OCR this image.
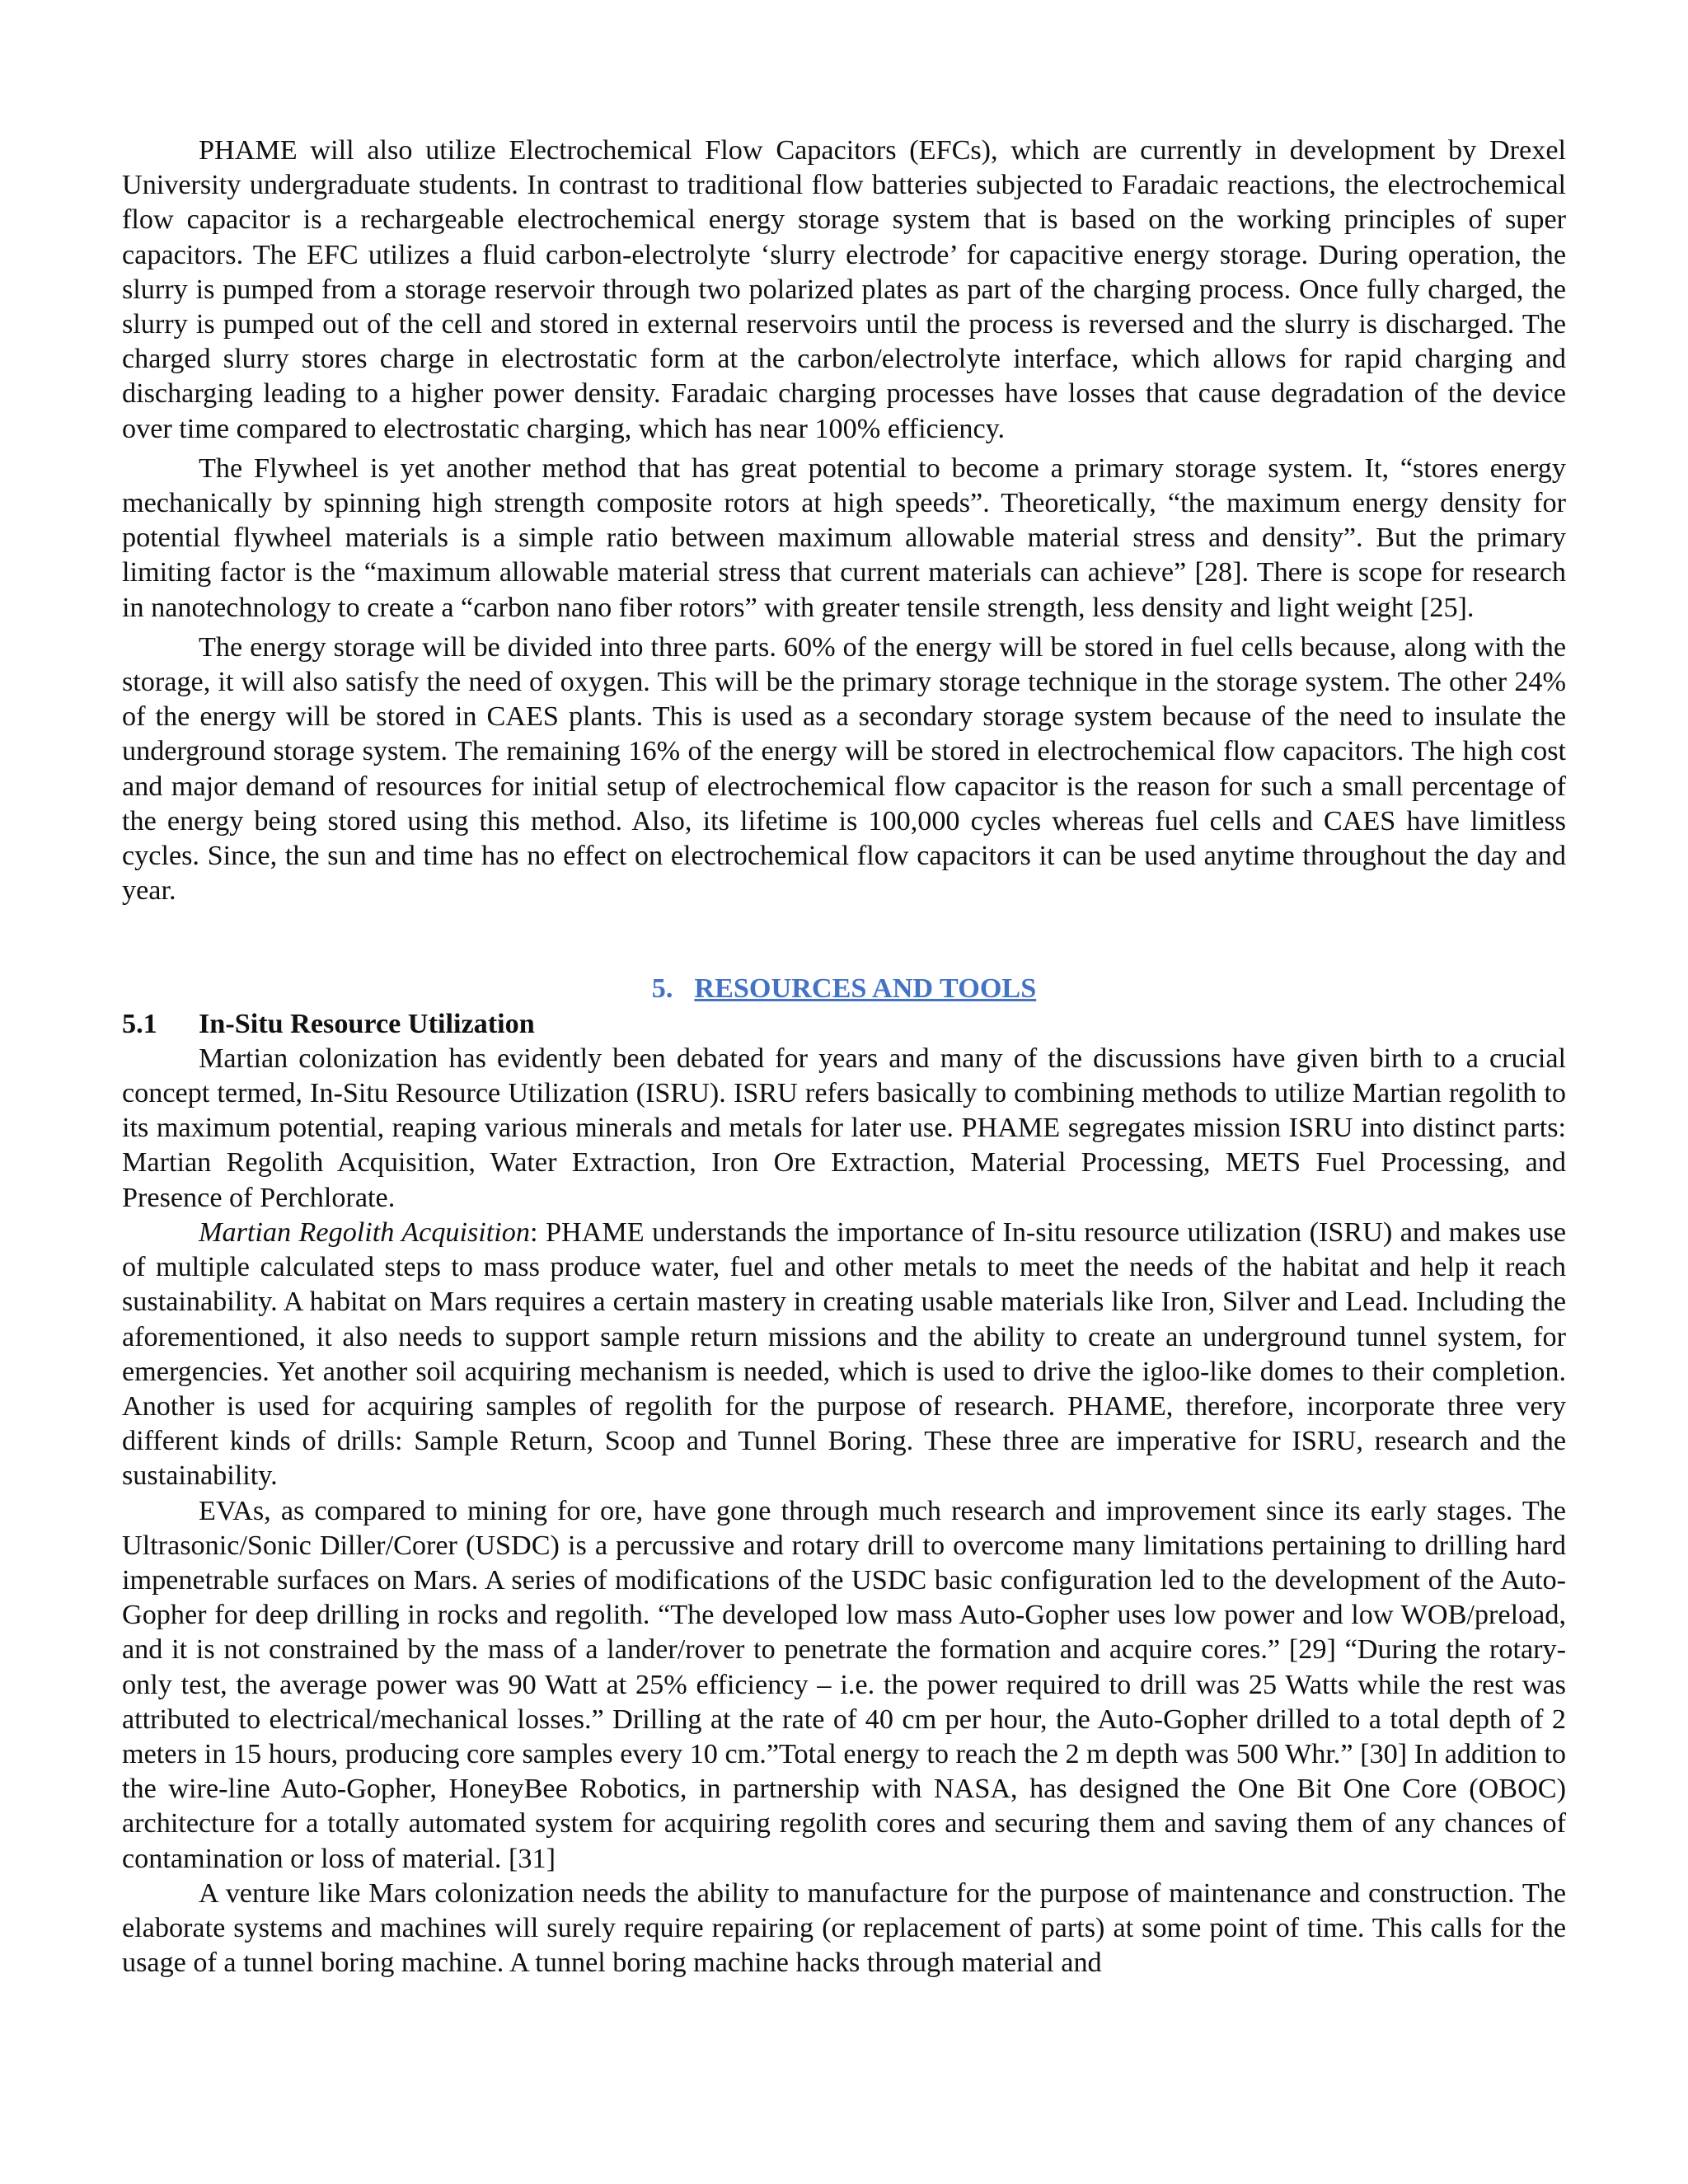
PHAME will also utilize Electrochemical Flow Capacitors (EFCs), which are currently in development by Drexel University undergraduate students. In contrast to traditional flow batteries subjected to Faradaic reactions, the electrochemical flow capacitor is a rechargeable electrochemical energy storage system that is based on the working principles of super capacitors. The EFC utilizes a fluid carbon-electrolyte ‘slurry electrode’ for capacitive energy storage. During operation, the slurry is pumped from a storage reservoir through two polarized plates as part of the charging process. Once fully charged, the slurry is pumped out of the cell and stored in external reservoirs until the process is reversed and the slurry is discharged. The charged slurry stores charge in electrostatic form at the carbon/electrolyte interface, which allows for rapid charging and discharging leading to a higher power density. Faradaic charging processes have losses that cause degradation of the device over time compared to electrostatic charging, which has near 100% efficiency.

The Flywheel is yet another method that has great potential to become a primary storage system. It, “stores energy mechanically by spinning high strength composite rotors at high speeds”. Theoretically, “the maximum energy density for potential flywheel materials is a simple ratio between maximum allowable material stress and density”. But the primary limiting factor is the “maximum allowable material stress that current materials can achieve” [28]. There is scope for research in nanotechnology to create a “carbon nano fiber rotors” with greater tensile strength, less density and light weight [25].

The energy storage will be divided into three parts. 60% of the energy will be stored in fuel cells because, along with the storage, it will also satisfy the need of oxygen. This will be the primary storage technique in the storage system. The other 24% of the energy will be stored in CAES plants. This is used as a secondary storage system because of the need to insulate the underground storage system. The remaining 16% of the energy will be stored in electrochemical flow capacitors. The high cost and major demand of resources for initial setup of electrochemical flow capacitor is the reason for such a small percentage of the energy being stored using this method. Also, its lifetime is 100,000 cycles whereas fuel cells and CAES have limitless cycles. Since, the sun and time has no effect on electrochemical flow capacitors it can be used anytime throughout the day and year.

5. RESOURCES AND TOOLS
5.1 In-Situ Resource Utilization

Martian colonization has evidently been debated for years and many of the discussions have given birth to a crucial concept termed, In-Situ Resource Utilization (ISRU). ISRU refers basically to combining methods to utilize Martian regolith to its maximum potential, reaping various minerals and metals for later use. PHAME segregates mission ISRU into distinct parts: Martian Regolith Acquisition, Water Extraction, Iron Ore Extraction, Material Processing, METS Fuel Processing, and Presence of Perchlorate.

Martian Regolith Acquisition: PHAME understands the importance of In-situ resource utilization (ISRU) and makes use of multiple calculated steps to mass produce water, fuel and other metals to meet the needs of the habitat and help it reach sustainability. A habitat on Mars requires a certain mastery in creating usable materials like Iron, Silver and Lead. Including the aforementioned, it also needs to support sample return missions and the ability to create an underground tunnel system, for emergencies. Yet another soil acquiring mechanism is needed, which is used to drive the igloo-like domes to their completion. Another is used for acquiring samples of regolith for the purpose of research. PHAME, therefore, incorporate three very different kinds of drills: Sample Return, Scoop and Tunnel Boring. These three are imperative for ISRU, research and the sustainability.

EVAs, as compared to mining for ore, have gone through much research and improvement since its early stages. The Ultrasonic/Sonic Diller/Corer (USDC) is a percussive and rotary drill to overcome many limitations pertaining to drilling hard impenetrable surfaces on Mars. A series of modifications of the USDC basic configuration led to the development of the Auto-Gopher for deep drilling in rocks and regolith. “The developed low mass Auto-Gopher uses low power and low WOB/preload, and it is not constrained by the mass of a lander/rover to penetrate the formation and acquire cores.” [29] “During the rotary-only test, the average power was 90 Watt at 25% efficiency – i.e. the power required to drill was 25 Watts while the rest was attributed to electrical/mechanical losses.” Drilling at the rate of 40 cm per hour, the Auto-Gopher drilled to a total depth of 2 meters in 15 hours, producing core samples every 10 cm.”Total energy to reach the 2 m depth was 500 Whr.” [30] In addition to the wire-line Auto-Gopher, HoneyBee Robotics, in partnership with NASA, has designed the One Bit One Core (OBOC) architecture for a totally automated system for acquiring regolith cores and securing them and saving them of any chances of contamination or loss of material. [31]

A venture like Mars colonization needs the ability to manufacture for the purpose of maintenance and construction. The elaborate systems and machines will surely require repairing (or replacement of parts) at some point of time. This calls for the usage of a tunnel boring machine. A tunnel boring machine hacks through material and
